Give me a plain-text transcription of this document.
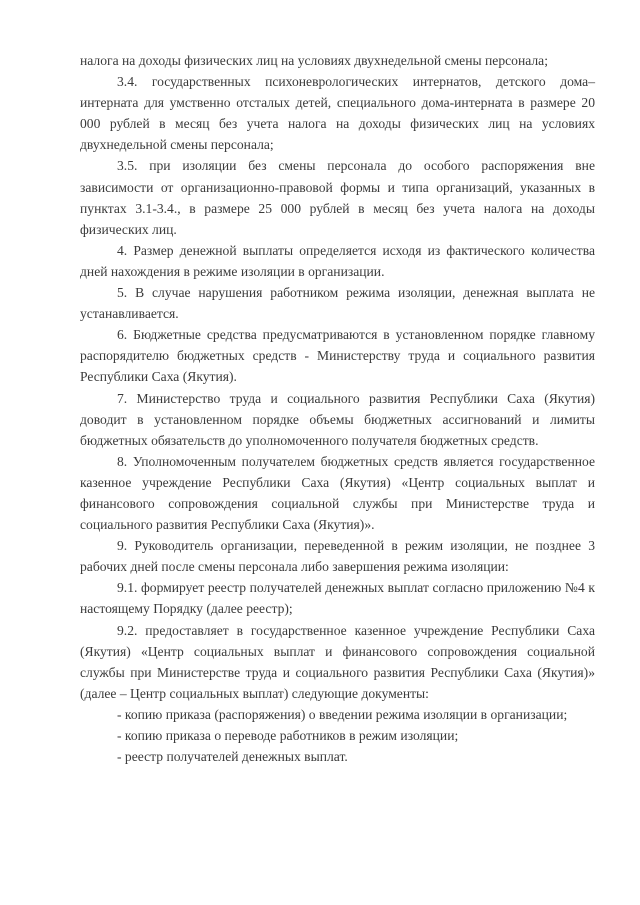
налога на доходы физических лиц на условиях двухнедельной смены персонала;

3.4. государственных психоневрологических интернатов, детского дома–интерната для умственно отсталых детей, специального дома-интерната в размере 20 000 рублей в месяц без учета налога на доходы физических лиц на условиях двухнедельной смены персонала;

3.5. при изоляции без смены персонала до особого распоряжения вне зависимости от организационно-правовой формы и типа организаций, указанных в пунктах 3.1-3.4., в размере 25 000 рублей в месяц без учета налога на доходы физических лиц.

4. Размер денежной выплаты определяется исходя из фактического количества дней нахождения в режиме изоляции в организации.

5. В случае нарушения работником режима изоляции, денежная выплата не устанавливается.

6. Бюджетные средства предусматриваются в установленном порядке главному распорядителю бюджетных средств - Министерству труда и социального развития Республики Саха (Якутия).

7. Министерство труда и социального развития Республики Саха (Якутия) доводит в установленном порядке объемы бюджетных ассигнований и лимиты бюджетных обязательств до уполномоченного получателя бюджетных средств.

8. Уполномоченным получателем бюджетных средств является государственное казенное учреждение Республики Саха (Якутия) «Центр социальных выплат и финансового сопровождения социальной службы при Министерстве труда и социального развития Республики Саха (Якутия)».

9. Руководитель организации, переведенной в режим изоляции, не позднее 3 рабочих дней после смены персонала либо завершения режима изоляции:

9.1. формирует реестр получателей денежных выплат согласно приложению №4 к настоящему Порядку (далее реестр);

9.2. предоставляет в государственное казенное учреждение Республики Саха (Якутия) «Центр социальных выплат и финансового сопровождения социальной службы при Министерстве труда и социального развития Республики Саха (Якутия)» (далее – Центр социальных выплат) следующие документы:

- копию приказа (распоряжения) о введении режима изоляции в организации;

- копию приказа о переводе работников в режим изоляции;

- реестр получателей денежных выплат.
